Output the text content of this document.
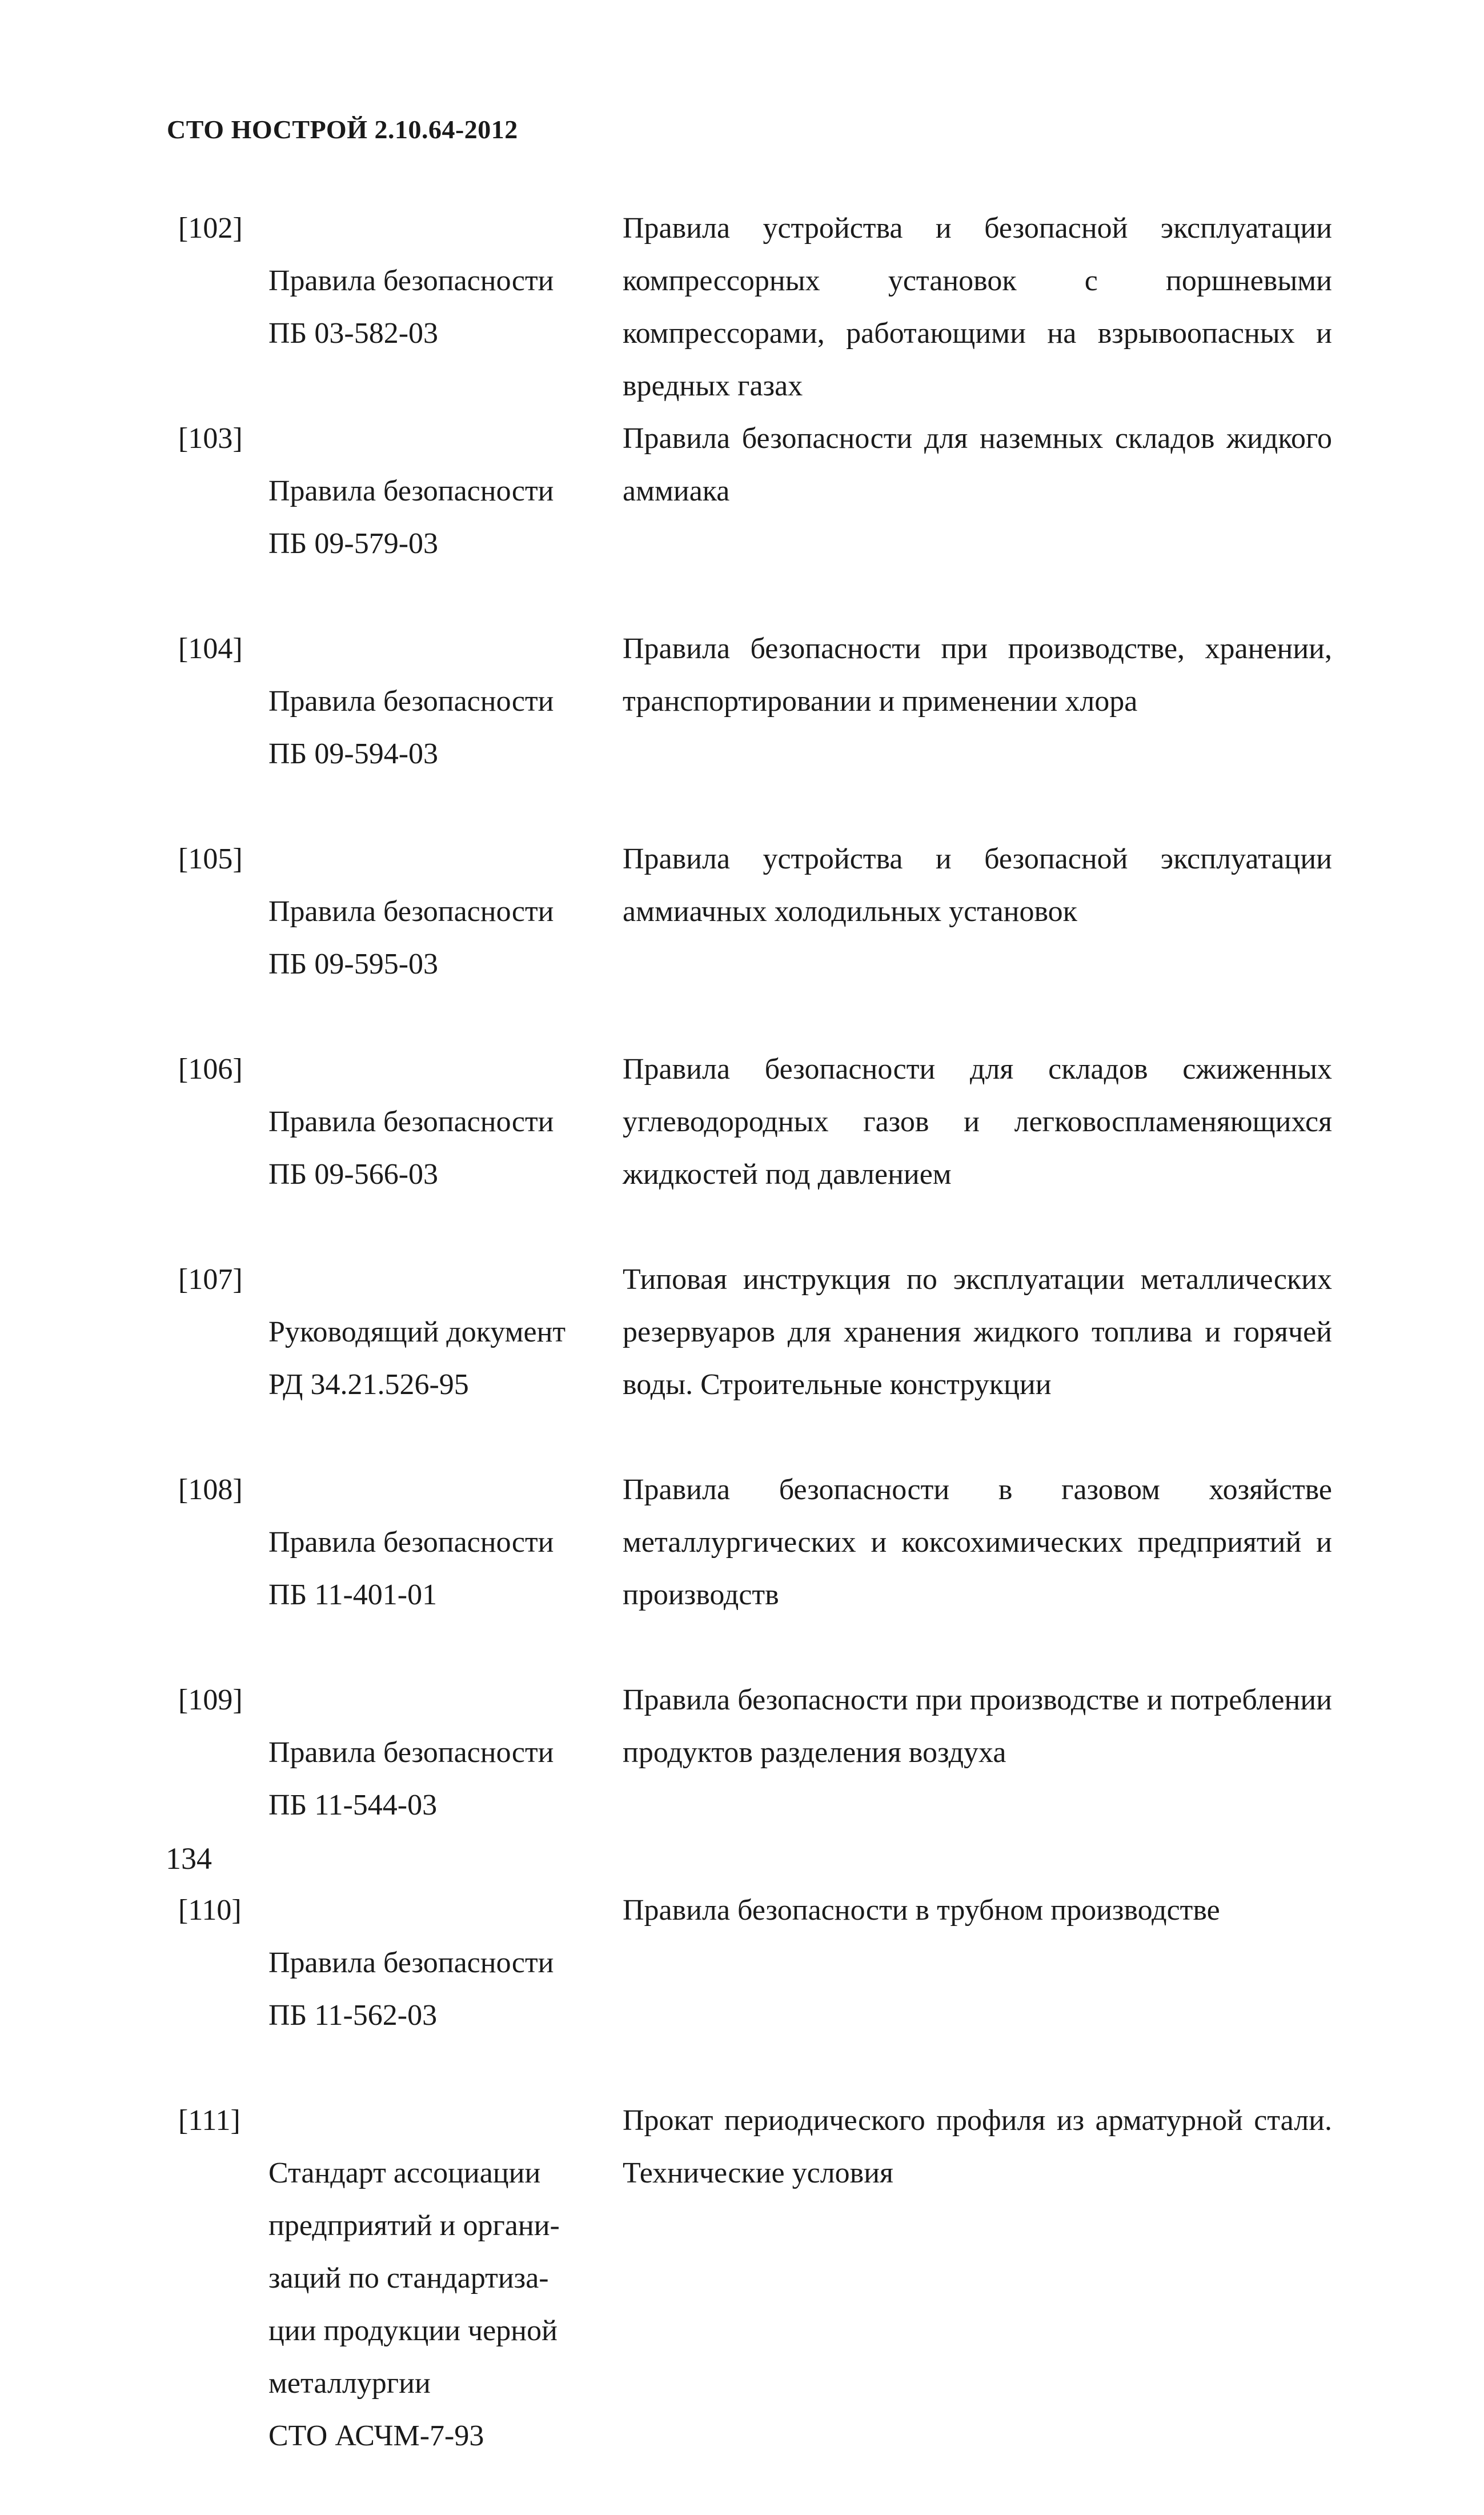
СТО НОСТРОЙ 2.10.64-2012
[102]

Правила безопасности

ПБ 03-582-03

Правила устройства и безопасной эксплуатации компрессорных установок с поршневыми компрессорами, работающими на взрывоопасных и вредных газах
[103]

Правила безопасности

ПБ 09-579-03

Правила безопасности для наземных складов жидкого аммиака
[104]

Правила безопасности

ПБ 09-594-03

Правила безопасности при производстве, хранении, транспортировании и применении хлора
[105]

Правила безопасности

ПБ 09-595-03

Правила устройства и безопасной эксплуатации аммиачных холодильных установок
[106]

Правила безопасности

ПБ 09-566-03

Правила безопасности для складов сжиженных углеводородных газов и легковоспламеняющихся жидкостей под давлением
[107]

Руководящий документ

РД 34.21.526-95

Типовая инструкция по эксплуатации металлических резервуаров для хранения жидкого топлива и горячей воды. Строительные конструкции
[108]

Правила безопасности

ПБ 11-401-01

Правила безопасности в газовом хозяйстве металлургических и коксохимических предприятий и производств
[109]

Правила безопасности

ПБ 11-544-03

Правила безопасности при производстве и потреблении продуктов разделения воздуха
[110]

Правила безопасности

ПБ 11-562-03

Правила безопасности в трубном производстве
[111]

Стандарт ассоциации предприятий и органи-
заций по стандартиза-
ции продукции черной
металлургии

СТО АСЧМ-7-93

Прокат периодического профиля из арматурной стали. Технические условия
134
